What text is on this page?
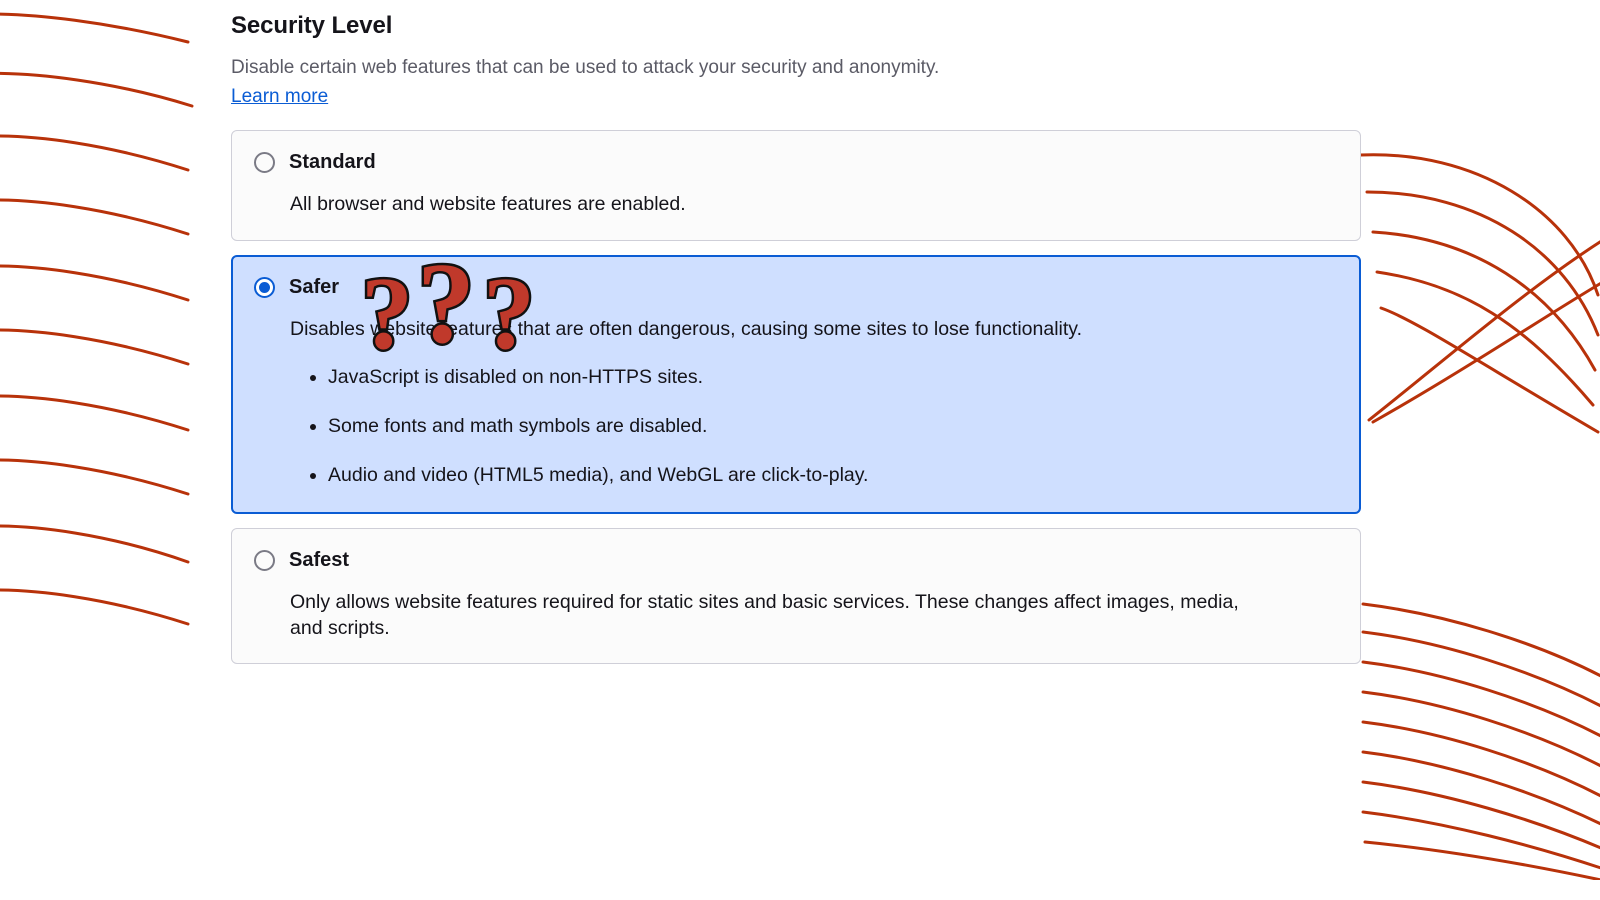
Security Level
Disable certain web features that can be used to attack your security and anonymity.
Learn more
Standard
All browser and website features are enabled.
Safer
Disables website features that are often dangerous, causing some sites to lose functionality.
• JavaScript is disabled on non-HTTPS sites.
• Some fonts and math symbols are disabled.
• Audio and video (HTML5 media), and WebGL are click-to-play.
Safest
Only allows website features required for static sites and basic services. These changes affect images, media, and scripts.
? ? ?
